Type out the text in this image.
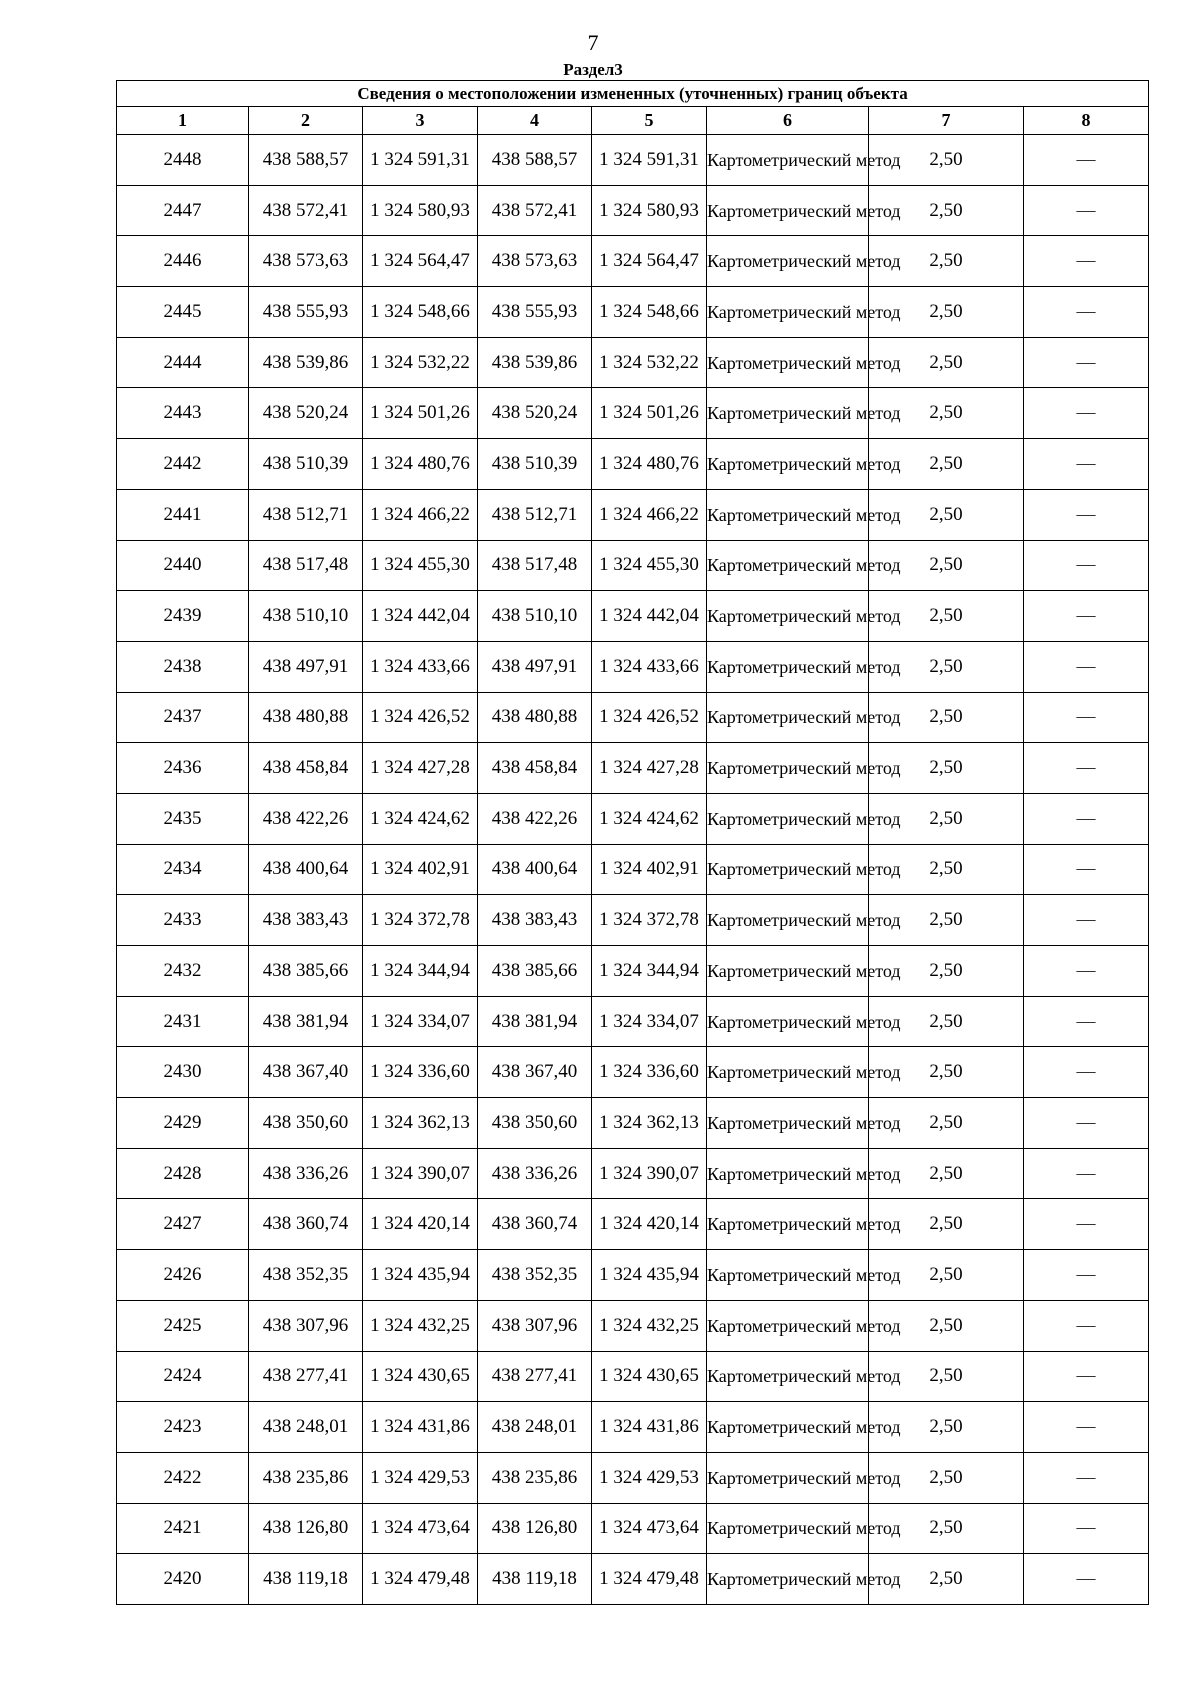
7
Раздел3
Сведения о местоположении измененных (уточненных) границ объекта							
1	2	3	4	5	6	7	8
2448	438 588,57	1 324 591,31	438 588,57	1 324 591,31	Картометрический метод	2,50	—
2447	438 572,41	1 324 580,93	438 572,41	1 324 580,93	Картометрический метод	2,50	—
2446	438 573,63	1 324 564,47	438 573,63	1 324 564,47	Картометрический метод	2,50	—
2445	438 555,93	1 324 548,66	438 555,93	1 324 548,66	Картометрический метод	2,50	—
2444	438 539,86	1 324 532,22	438 539,86	1 324 532,22	Картометрический метод	2,50	—
2443	438 520,24	1 324 501,26	438 520,24	1 324 501,26	Картометрический метод	2,50	—
2442	438 510,39	1 324 480,76	438 510,39	1 324 480,76	Картометрический метод	2,50	—
2441	438 512,71	1 324 466,22	438 512,71	1 324 466,22	Картометрический метод	2,50	—
2440	438 517,48	1 324 455,30	438 517,48	1 324 455,30	Картометрический метод	2,50	—
2439	438 510,10	1 324 442,04	438 510,10	1 324 442,04	Картометрический метод	2,50	—
2438	438 497,91	1 324 433,66	438 497,91	1 324 433,66	Картометрический метод	2,50	—
2437	438 480,88	1 324 426,52	438 480,88	1 324 426,52	Картометрический метод	2,50	—
2436	438 458,84	1 324 427,28	438 458,84	1 324 427,28	Картометрический метод	2,50	—
2435	438 422,26	1 324 424,62	438 422,26	1 324 424,62	Картометрический метод	2,50	—
2434	438 400,64	1 324 402,91	438 400,64	1 324 402,91	Картометрический метод	2,50	—
2433	438 383,43	1 324 372,78	438 383,43	1 324 372,78	Картометрический метод	2,50	—
2432	438 385,66	1 324 344,94	438 385,66	1 324 344,94	Картометрический метод	2,50	—
2431	438 381,94	1 324 334,07	438 381,94	1 324 334,07	Картометрический метод	2,50	—
2430	438 367,40	1 324 336,60	438 367,40	1 324 336,60	Картометрический метод	2,50	—
2429	438 350,60	1 324 362,13	438 350,60	1 324 362,13	Картометрический метод	2,50	—
2428	438 336,26	1 324 390,07	438 336,26	1 324 390,07	Картометрический метод	2,50	—
2427	438 360,74	1 324 420,14	438 360,74	1 324 420,14	Картометрический метод	2,50	—
2426	438 352,35	1 324 435,94	438 352,35	1 324 435,94	Картометрический метод	2,50	—
2425	438 307,96	1 324 432,25	438 307,96	1 324 432,25	Картометрический метод	2,50	—
2424	438 277,41	1 324 430,65	438 277,41	1 324 430,65	Картометрический метод	2,50	—
2423	438 248,01	1 324 431,86	438 248,01	1 324 431,86	Картометрический метод	2,50	—
2422	438 235,86	1 324 429,53	438 235,86	1 324 429,53	Картометрический метод	2,50	—
2421	438 126,80	1 324 473,64	438 126,80	1 324 473,64	Картометрический метод	2,50	—
2420	438 119,18	1 324 479,48	438 119,18	1 324 479,48	Картометрический метод	2,50	—
